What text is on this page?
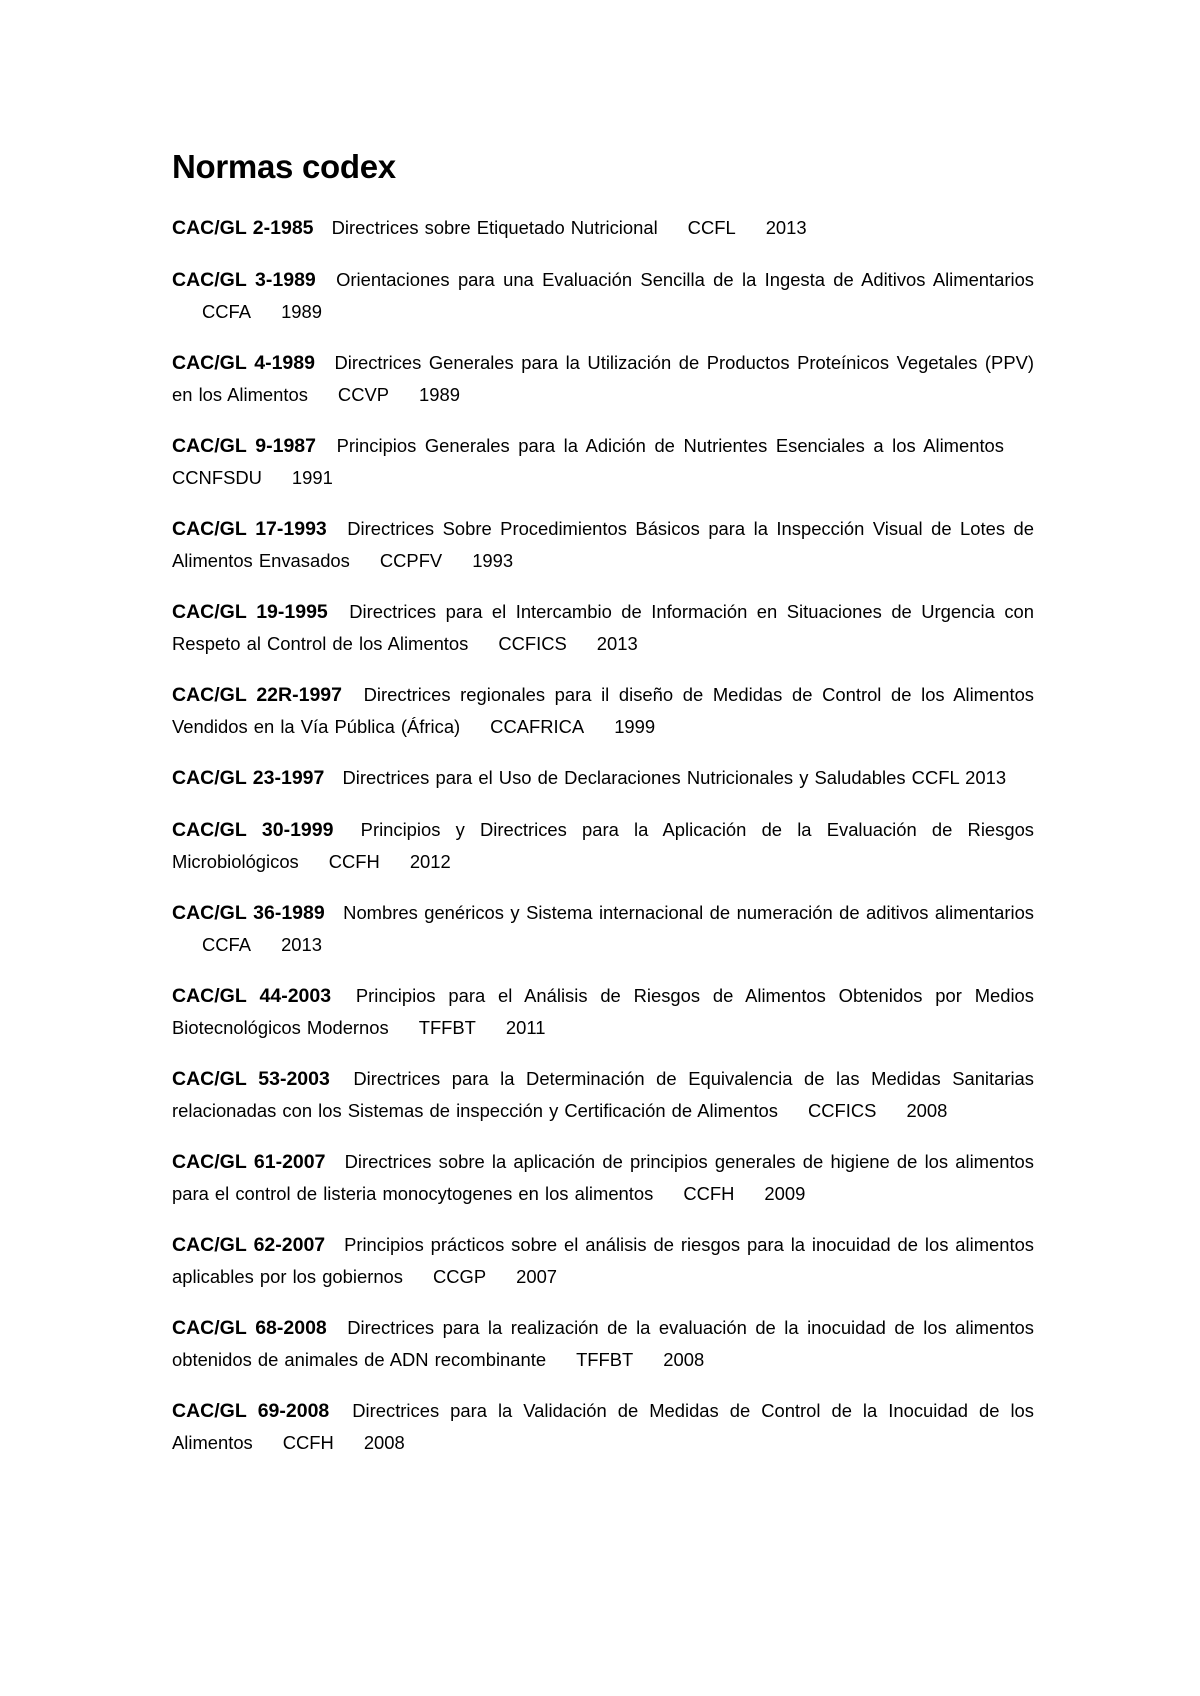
Normas codex

CAC/GL 2-1985 Directrices sobre Etiquetado Nutricional CCFL 2013

CAC/GL 3-1989 Orientaciones para una Evaluación Sencilla de la Ingesta de Aditivos AlimentariosCCFA 1989

CAC/GL 4-1989 Directrices Generales para la Utilización de Productos Proteínicos Vegetales (PPV) en los Alimentos CCVP 1989

CAC/GL 9-1987 Principios Generales para la Adición de Nutrientes Esenciales a los AlimentosCCNFSDU 1991

CAC/GL 17-1993 Directrices Sobre Procedimientos Básicos para la Inspección Visual de Lotes de Alimentos Envasados CCPFV 1993

CAC/GL 19-1995 Directrices para el Intercambio de Información en Situaciones de Urgencia con Respeto al Control de los Alimentos CCFICS 2013

CAC/GL 22R-1997 Directrices regionales para il diseño de Medidas de Control de los Alimentos Vendidos en la Vía Pública (África) CCAFRICA 1999

CAC/GL 23-1997 Directrices para el Uso de Declaraciones Nutricionales y Saludables CCFL 2013

CAC/GL 30-1999 Principios y Directrices para la Aplicación de la Evaluación de Riesgos Microbiológicos CCFH 2012

CAC/GL 36-1989 Nombres genéricos y Sistema internacional de numeración de aditivos alimentariosCCFA 2013

CAC/GL 44-2003 Principios para el Análisis de Riesgos de Alimentos Obtenidos por Medios Biotecnológicos Modernos TFFBT 2011

CAC/GL 53-2003 Directrices para la Determinación de Equivalencia de las Medidas Sanitarias relacionadas con los Sistemas de inspección y Certificación de Alimentos CCFICS 2008

CAC/GL 61-2007 Directrices sobre la aplicación de principios generales de higiene de los alimentos para el control de listeria monocytogenes en los alimentos CCFH 2009

CAC/GL 62-2007 Principios prácticos sobre el análisis de riesgos para la inocuidad de los alimentos aplicables por los gobiernos CCGP 2007

CAC/GL 68-2008 Directrices para la realización de la evaluación de la inocuidad de los alimentos obtenidos de animales de ADN recombinante TFFBT 2008

CAC/GL 69-2008 Directrices para la Validación de Medidas de Control de la Inocuidad de los Alimentos CCFH 2008
